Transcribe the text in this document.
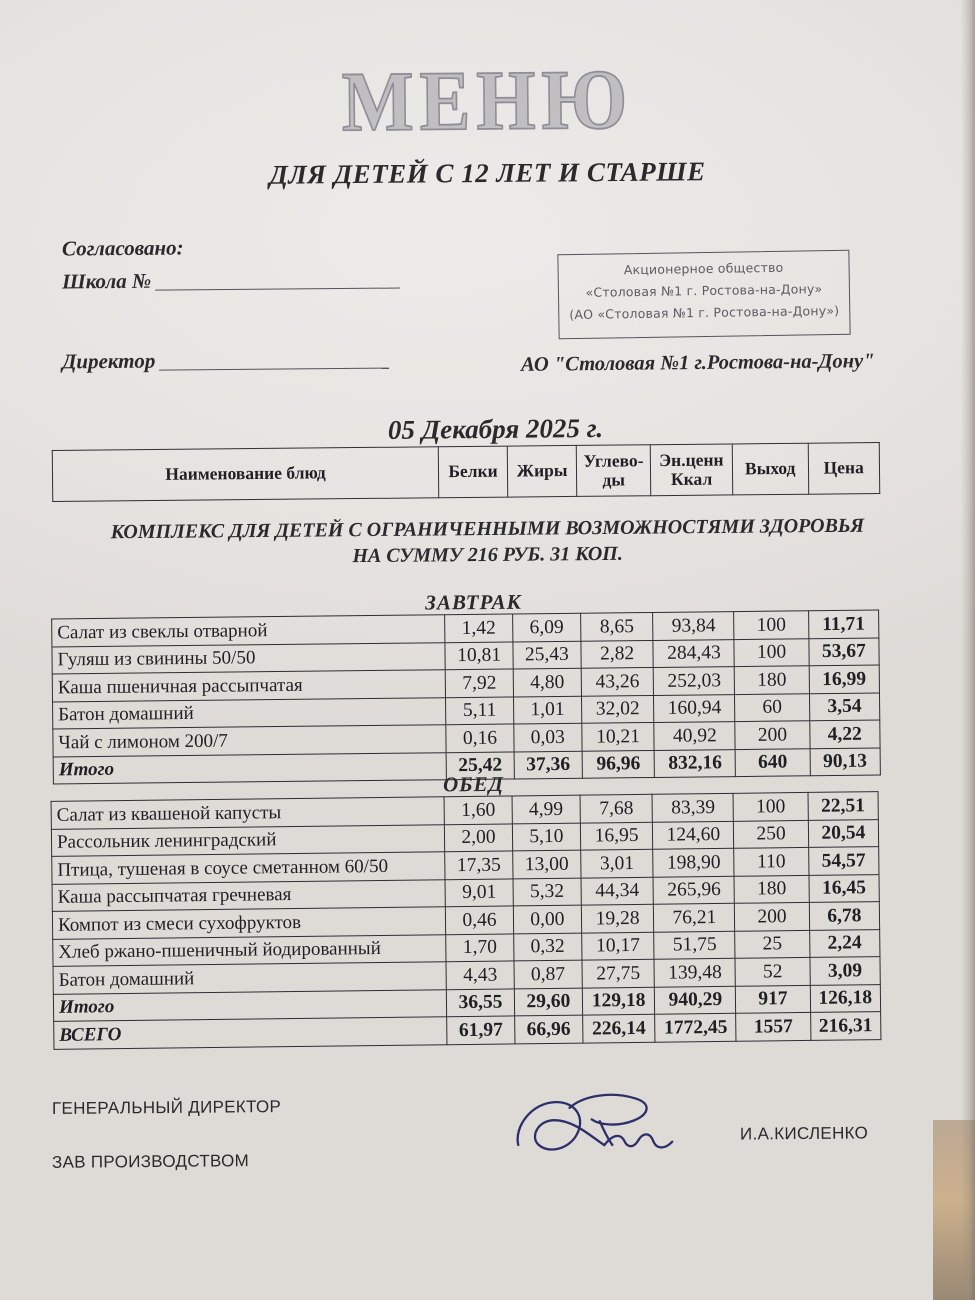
МЕНЮ
ДЛЯ ДЕТЕЙ С 12 ЛЕТ И СТАРШЕ
Согласовано:
Школа №
Директор
Акционерное общество
«Столовая №1 г. Ростова-на-Дону»
(АО «Столовая №1 г. Ростова-на-Дону»)
АО "Столовая №1 г.Ростова-на-Дону"
05 Декабря 2025 г.
Наименование блюд	Белки	Жиры	Углево-ды	Эн.ценн Ккал	Выход	Цена
КОМПЛЕКС ДЛЯ ДЕТЕЙ С ОГРАНИЧЕННЫМИ ВОЗМОЖНОСТЯМИ ЗДОРОВЬЯ
НА СУММУ 216 РУБ. 31 КОП.
ЗАВТРАК
Салат из свеклы отварной	1,42	6,09	8,65	93,84	100	11,71
Гуляш из свинины 50/50	10,81	25,43	2,82	284,43	100	53,67
Каша пшеничная рассыпчатая	7,92	4,80	43,26	252,03	180	16,99
Батон домашний	5,11	1,01	32,02	160,94	60	3,54
Чай с лимоном 200/7	0,16	0,03	10,21	40,92	200	4,22
Итого	25,42	37,36	96,96	832,16	640	90,13
ОБЕД
Салат из квашеной капусты	1,60	4,99	7,68	83,39	100	22,51
Рассольник ленинградский	2,00	5,10	16,95	124,60	250	20,54
Птица, тушеная в соусе сметанном 60/50	17,35	13,00	3,01	198,90	110	54,57
Каша рассыпчатая гречневая	9,01	5,32	44,34	265,96	180	16,45
Компот из смеси сухофруктов	0,46	0,00	19,28	76,21	200	6,78
Хлеб ржано-пшеничный йодированный	1,70	0,32	10,17	51,75	25	2,24
Батон домашний	4,43	0,87	27,75	139,48	52	3,09
Итого	36,55	29,60	129,18	940,29	917	126,18
ВСЕГО	61,97	66,96	226,14	1772,45	1557	216,31
ГЕНЕРАЛЬНЫЙ ДИРЕКТОР
ЗАВ ПРОИЗВОДСТВОМ
И.А.КИСЛЕНКО
